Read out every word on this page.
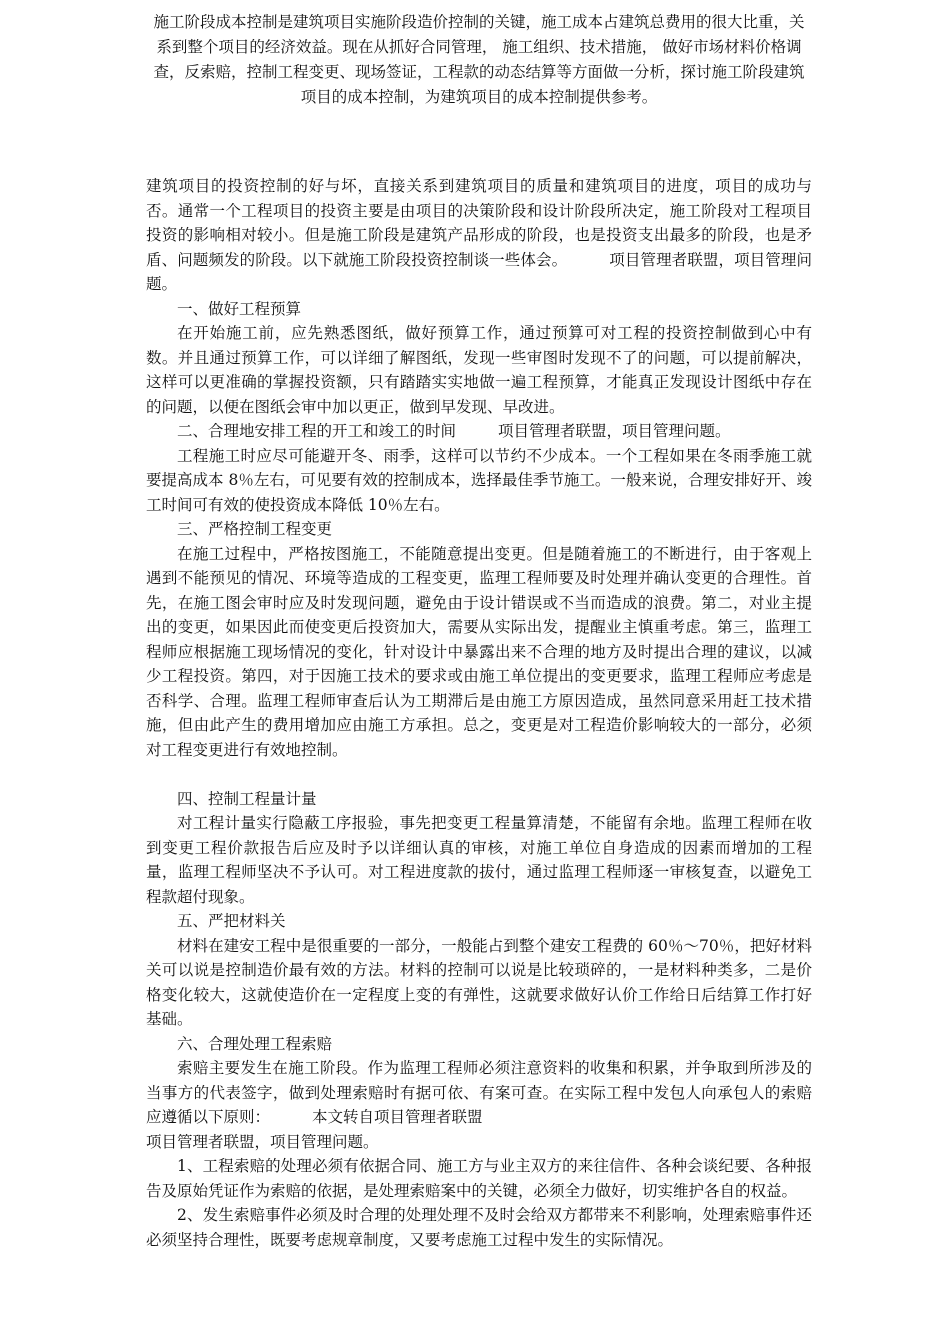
施工阶段成本控制是建筑项目实施阶段造价控制的关键，施工成本占建筑总费用的很大比重，关系到整个项目的经济效益。现在从抓好合同管理， 施工组织、技术措施， 做好市场材料价格调查，反索赔，控制工程变更、现场签证，工程款的动态结算等方面做一分析，探讨施工阶段建筑项目的成本控制，为建筑项目的成本控制提供参考。

建筑项目的投资控制的好与坏，直接关系到建筑项目的质量和建筑项目的进度，项目的成功与否。通常一个工程项目的投资主要是由项目的决策阶段和设计阶段所决定，施工阶段对工程项目投资的影响相对较小。但是施工阶段是建筑产品形成的阶段，也是投资支出最多的阶段，也是矛盾、问题频发的阶段。以下就施工阶段投资控制谈一些体会。	项目管理者联盟，项目管理问题。

一、做好工程预算

在开始施工前，应先熟悉图纸，做好预算工作，通过预算可对工程的投资控制做到心中有数。并且通过预算工作，可以详细了解图纸，发现一些审图时发现不了的问题，可以提前解决，这样可以更准确的掌握投资额，只有踏踏实实地做一遍工程预算，才能真正发现设计图纸中存在的问题，以便在图纸会审中加以更正，做到早发现、早改进。

二、合理地安排工程的开工和竣工的时间	项目管理者联盟，项目管理问题。

工程施工时应尽可能避开冬、雨季，这样可以节约不少成本。一个工程如果在冬雨季施工就要提高成本 8％左右，可见要有效的控制成本，选择最佳季节施工。一般来说，合理安排好开、竣工时间可有效的使投资成本降低 10％左右。

三、严格控制工程变更

在施工过程中，严格按图施工，不能随意提出变更。但是随着施工的不断进行，由于客观上遇到不能预见的情况、环境等造成的工程变更，监理工程师要及时处理并确认变更的合理性。首先，在施工图会审时应及时发现问题，避免由于设计错误或不当而造成的浪费。第二，对业主提出的变更，如果因此而使变更后投资加大，需要从实际出发，提醒业主慎重考虑。第三，监理工程师应根据施工现场情况的变化，针对设计中暴露出来不合理的地方及时提出合理的建议，以减少工程投资。第四，对于因施工技术的要求或由施工单位提出的变更要求，监理工程师应考虑是否科学、合理。监理工程师审查后认为工期滞后是由施工方原因造成，虽然同意采用赶工技术措施，但由此产生的费用增加应由施工方承担。总之，变更是对工程造价影响较大的一部分，必须对工程变更进行有效地控制。

四、控制工程量计量

对工程计量实行隐蔽工序报验，事先把变更工程量算清楚，不能留有余地。监理工程师在收到变更工程价款报告后应及时予以详细认真的审核，对施工单位自身造成的因素而增加的工程量，监理工程师坚决不予认可。对工程进度款的拔付，通过监理工程师逐一审核复查，以避免工程款超付现象。

五、严把材料关

材料在建安工程中是很重要的一部分，一般能占到整个建安工程费的 60％～70％，把好材料关可以说是控制造价最有效的方法。材料的控制可以说是比较琐碎的，一是材料种类多，二是价格变化较大，这就使造价在一定程度上变的有弹性，这就要求做好认价工作给日后结算工作打好基础。

六、合理处理工程索赔

索赔主要发生在施工阶段。作为监理工程师必须注意资料的收集和积累，并争取到所涉及的当事方的代表签字，做到处理索赔时有据可依、有案可查。在实际工程中发包人向承包人的索赔应遵循以下原则：	本文转自项目管理者联盟

项目管理者联盟，项目管理问题。

1、工程索赔的处理必须有依据合同、施工方与业主双方的来往信件、各种会谈纪要、各种报告及原始凭证作为索赔的依据，是处理索赔案中的关键，必须全力做好，切实维护各自的权益。

2、发生索赔事件必须及时合理的处理处理不及时会给双方都带来不利影响，处理索赔事件还必须坚持合理性，既要考虑规章制度，又要考虑施工过程中发生的实际情况。
